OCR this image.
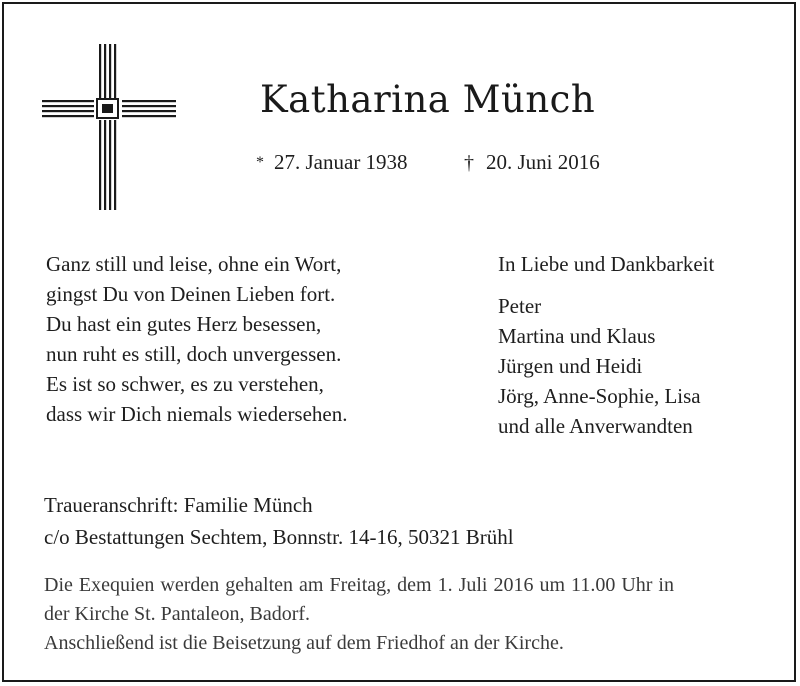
Katharina Münch
* 27. Januar 1938	† 20. Juni 2016
Ganz still und leise, ohne ein Wort,
gingst Du von Deinen Lieben fort.
Du hast ein gutes Herz besessen,
nun ruht es still, doch unvergessen.
Es ist so schwer, es zu verstehen,
dass wir Dich niemals wiedersehen.
In Liebe und Dankbarkeit
Peter
Martina und Klaus
Jürgen und Heidi
Jörg, Anne-Sophie, Lisa
und alle Anverwandten
Traueranschrift: Familie Münch
c/o Bestattungen Sechtem, Bonnstr. 14-16, 50321 Brühl
Die Exequien werden gehalten am Freitag, dem 1. Juli 2016 um 11.00 Uhr in
der Kirche St. Pantaleon, Badorf.
Anschließend ist die Beisetzung auf dem Friedhof an der Kirche.
